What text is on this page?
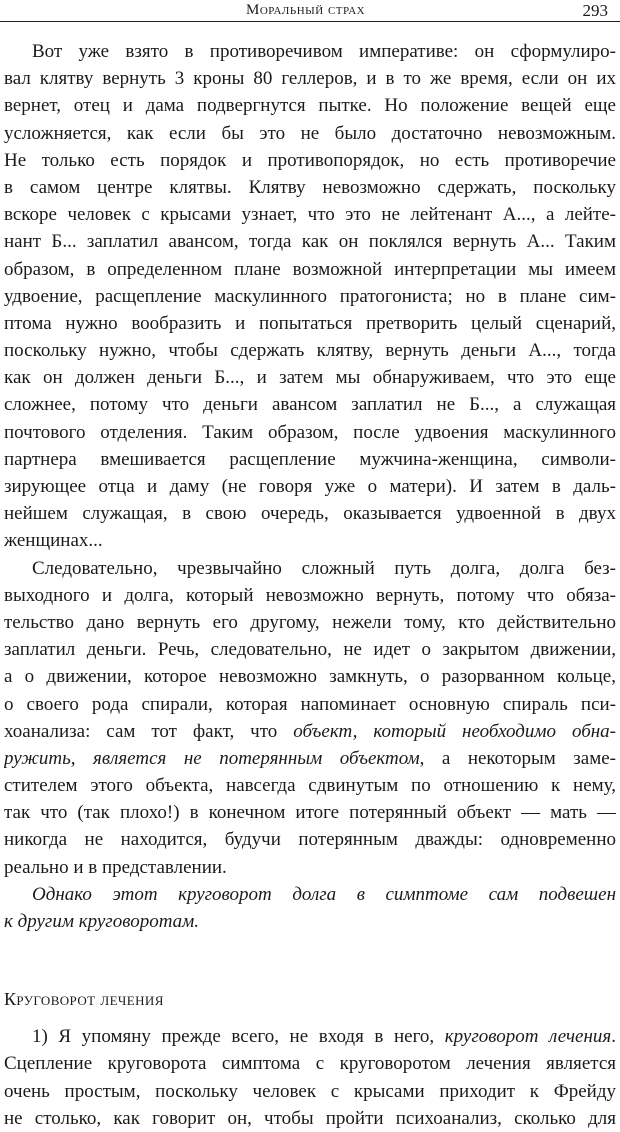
Моральный страх	293
Вот уже взято в противоречивом императиве: он сформулиро-
вал клятву вернуть 3 кроны 80 геллеров, и в то же время, если он их
вернет, отец и дама подвергнутся пытке. Но положение вещей еще
усложняется, как если бы это не было достаточно невозможным.
Не только есть порядок и противопорядок, но есть противоречие
в самом центре клятвы. Клятву невозможно сдержать, поскольку
вскоре человек с крысами узнает, что это не лейтенант А..., а лейте-
нант Б... заплатил авансом, тогда как он поклялся вернуть А... Таким
образом, в определенном плане возможной интерпретации мы имеем
удвоение, расщепление маскулинного пратогониста; но в плане сим-
птома нужно вообразить и попытаться претворить целый сценарий,
поскольку нужно, чтобы сдержать клятву, вернуть деньги А..., тогда
как он должен деньги Б..., и затем мы обнаруживаем, что это еще
сложнее, потому что деньги авансом заплатил не Б..., а служащая
почтового отделения. Таким образом, после удвоения маскулинного
партнера вмешивается расщепление мужчина-женщина, символи-
зирующее отца и даму (не говоря уже о матери). И затем в даль-
нейшем служащая, в свою очередь, оказывается удвоенной в двух
женщинах...
Следовательно, чрезвычайно сложный путь долга, долга без-
выходного и долга, который невозможно вернуть, потому что обяза-
тельство дано вернуть его другому, нежели тому, кто действительно
заплатил деньги. Речь, следовательно, не идет о закрытом движении,
а о движении, которое невозможно замкнуть, о разорванном кольце,
о своего рода спирали, которая напоминает основную спираль пси-
хоанализа: сам тот факт, что объект, который необходимо обна-
ружить, является не потерянным объектом, а некоторым заме-
стителем этого объекта, навсегда сдвинутым по отношению к нему,
так что (так плохо!) в конечном итоге потерянный объект — мать —
никогда не находится, будучи потерянным дважды: одновременно
реально и в представлении.
Однако этот круговорот долга в симптоме сам подвешен
к другим круговоротам.
Круговорот лечения
1) Я упомяну прежде всего, не входя в него, круговорот лечения.
Сцепление круговорота симптома с круговоротом лечения является
очень простым, поскольку человек с крысами приходит к Фрейду
не столько, как говорит он, чтобы пройти психоанализ, сколько для
